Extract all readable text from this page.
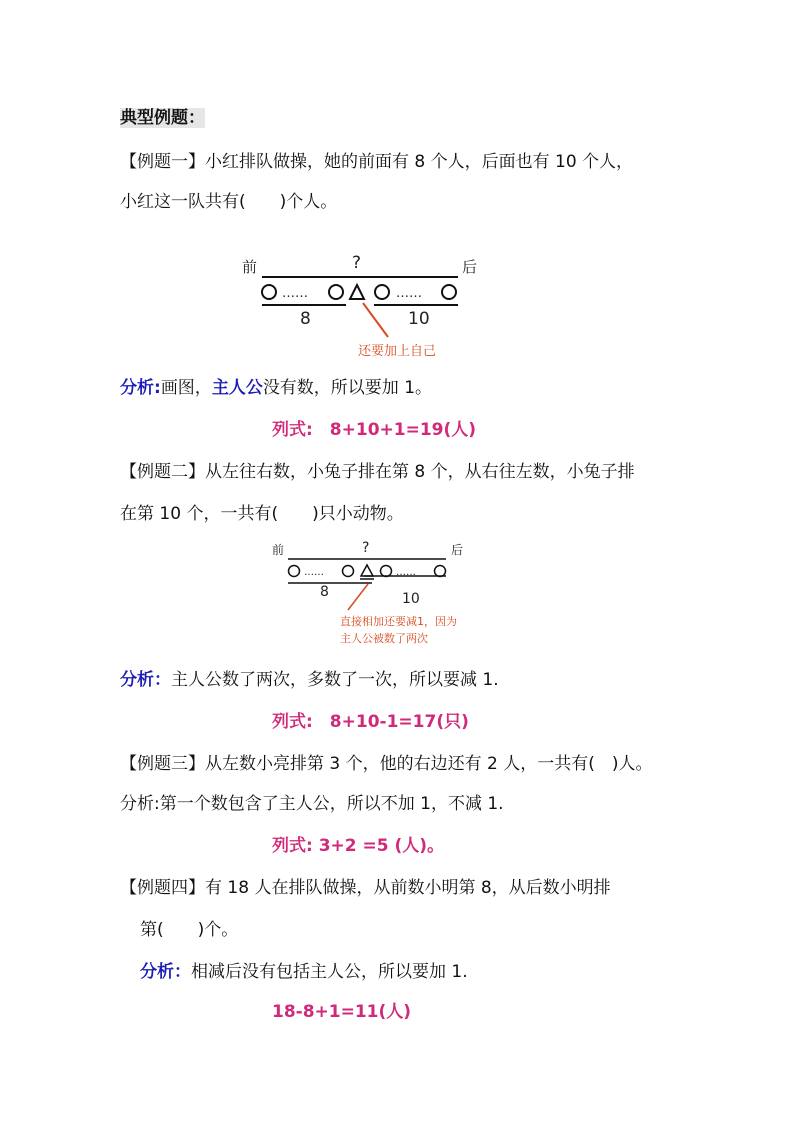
典型例题：
【例题一】小红排队做操，她的前面有 8 个人，后面也有 10 个人，
小红这一队共有(　　)个人。
前	?	后
……	……
8	10
还要加上自己
分析:画图，主人公没有数，所以要加 1。
列式:　8+10+1=19(人)
【例题二】从左往右数，小兔子排在第 8 个，从右往左数，小兔子排
在第 10 个，一共有(　　)只小动物。
前	?	后
……	……
8	10
直接相加还要减1，因为
主人公被数了两次
分析：主人公数了两次，多数了一次，所以要减 1.
列式:　8+10-1=17(只)
【例题三】从左数小亮排第 3 个，他的右边还有 2 人，一共有(　)人。
分析:第一个数包含了主人公，所以不加 1，不减 1.
列式: 3+2 =5 (人)。
【例题四】有 18 人在排队做操，从前数小明第 8，从后数小明排
第(　　)个。
分析：相减后没有包括主人公，所以要加 1.
18-8+1=11(人)
